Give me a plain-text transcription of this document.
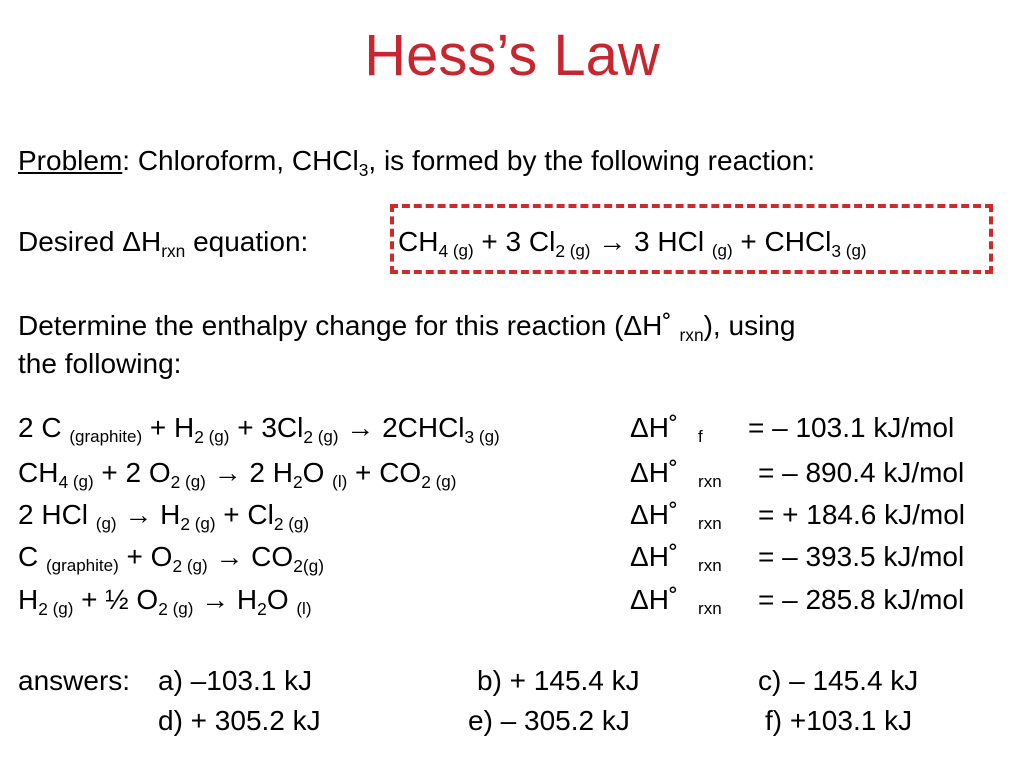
Hess’s Law
Problem: Chloroform, CHCl$_3$, is formed by the following reaction:
Desired $\Delta H_{rxn}$ equation:	$CH_4$ (g) + 3 $Cl_2$ (g) → 3 HCl (g) + CHCl$_3$ (g)
Determine the enthalpy change for this reaction (ΔH˚ $_{rxn}$), using
the following:
2 C (graphite) + $H_2$ $(g) + 3Cl_2$ (g) → 2CHCl$_3$ (g)	ΔH˚ f = – 103.1 kJ/mol
$CH_4$ (g) + 2 $O_2$ (g) → 2 $H_2O$ $(l) + CO_2$ (g)	ΔH˚ rxn = – 890.4 kJ/mol
2 HCl $(g) \to H_2$ $(g) + Cl_2$ (g)	ΔH˚ rxn = + 184.6 kJ/mol
C (graphite) + $O_2$ $(g) \to CO_{2(g)}$	ΔH˚ rxn = – 393.5 kJ/mol
$H_2$ (g) + ½ $O_2$ $(g) \to H_2O$ (l)	ΔH˚ rxn = – 285.8 kJ/mol
answers: a) –103.1 kJ	b) + 145.4 kJ	c) – 145.4 kJ
d) + 305.2 kJ	e) – 305.2 kJ	f) +103.1 kJ
